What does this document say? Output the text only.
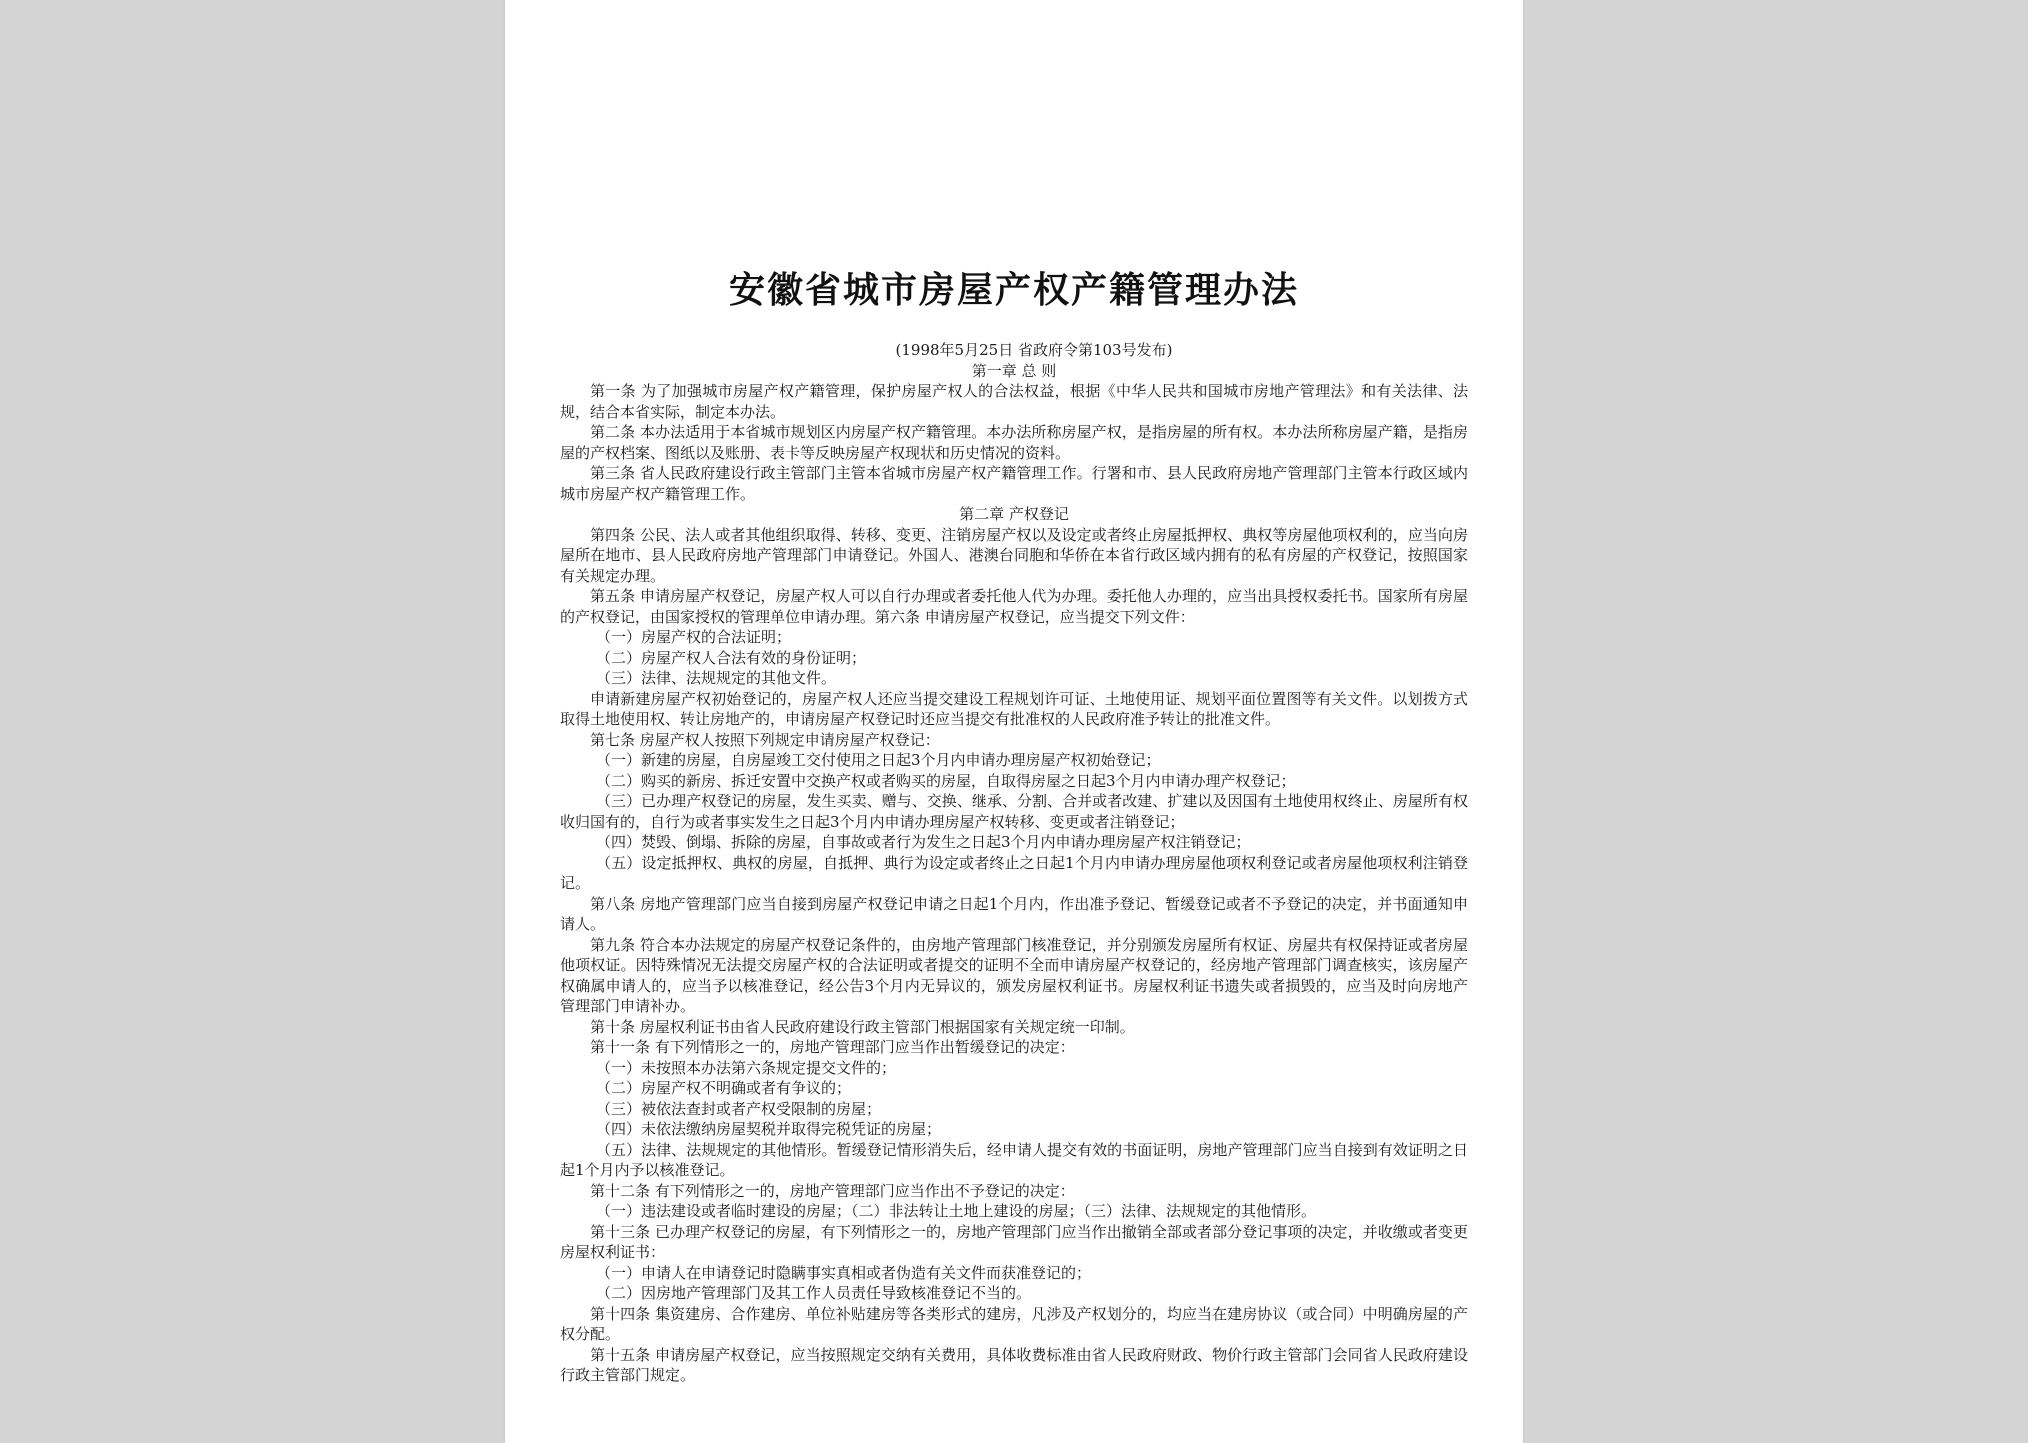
安徽省城市房屋产权产籍管理办法

(1998年5月25日 省政府令第103号发布)

第一章 总 则

第一条 为了加强城市房屋产权产籍管理，保护房屋产权人的合法权益，根据《中华人民共和国城市房地产管理法》和有关法律、法规，结合本省实际，制定本办法。

第二条 本办法适用于本省城市规划区内房屋产权产籍管理。本办法所称房屋产权，是指房屋的所有权。本办法所称房屋产籍，是指房屋的产权档案、图纸以及账册、表卡等反映房屋产权现状和历史情况的资料。

第三条 省人民政府建设行政主管部门主管本省城市房屋产权产籍管理工作。行署和市、县人民政府房地产管理部门主管本行政区域内城市房屋产权产籍管理工作。

第二章 产权登记

第四条 公民、法人或者其他组织取得、转移、变更、注销房屋产权以及设定或者终止房屋抵押权、典权等房屋他项权利的，应当向房屋所在地市、县人民政府房地产管理部门申请登记。外国人、港澳台同胞和华侨在本省行政区域内拥有的私有房屋的产权登记，按照国家有关规定办理。

第五条 申请房屋产权登记，房屋产权人可以自行办理或者委托他人代为办理。委托他人办理的，应当出具授权委托书。国家所有房屋的产权登记，由国家授权的管理单位申请办理。第六条 申请房屋产权登记，应当提交下列文件：

（一）房屋产权的合法证明；

（二）房屋产权人合法有效的身份证明；

（三）法律、法规规定的其他文件。

申请新建房屋产权初始登记的，房屋产权人还应当提交建设工程规划许可证、土地使用证、规划平面位置图等有关文件。以划拨方式取得土地使用权、转让房地产的，申请房屋产权登记时还应当提交有批准权的人民政府准予转让的批准文件。

第七条 房屋产权人按照下列规定申请房屋产权登记：

（一）新建的房屋，自房屋竣工交付使用之日起3个月内申请办理房屋产权初始登记；

（二）购买的新房、拆迁安置中交换产权或者购买的房屋，自取得房屋之日起3个月内申请办理产权登记；

（三）已办理产权登记的房屋，发生买卖、赠与、交换、继承、分割、合并或者改建、扩建以及因国有土地使用权终止、房屋所有权收归国有的，自行为或者事实发生之日起3个月内申请办理房屋产权转移、变更或者注销登记；

（四）焚毁、倒塌、拆除的房屋，自事故或者行为发生之日起3个月内申请办理房屋产权注销登记；

（五）设定抵押权、典权的房屋，自抵押、典行为设定或者终止之日起1个月内申请办理房屋他项权利登记或者房屋他项权利注销登记。

第八条 房地产管理部门应当自接到房屋产权登记申请之日起1个月内，作出准予登记、暂缓登记或者不予登记的决定，并书面通知申请人。

第九条 符合本办法规定的房屋产权登记条件的，由房地产管理部门核准登记，并分别颁发房屋所有权证、房屋共有权保持证或者房屋他项权证。因特殊情况无法提交房屋产权的合法证明或者提交的证明不全而申请房屋产权登记的，经房地产管理部门调查核实，该房屋产权确属申请人的，应当予以核准登记，经公告3个月内无异议的，颁发房屋权利证书。房屋权利证书遗失或者损毁的，应当及时向房地产管理部门申请补办。

第十条 房屋权利证书由省人民政府建设行政主管部门根据国家有关规定统一印制。

第十一条 有下列情形之一的，房地产管理部门应当作出暂缓登记的决定：

（一）未按照本办法第六条规定提交文件的；

（二）房屋产权不明确或者有争议的；

（三）被依法查封或者产权受限制的房屋；

（四）未依法缴纳房屋契税并取得完税凭证的房屋；

（五）法律、法规规定的其他情形。暂缓登记情形消失后，经申请人提交有效的书面证明，房地产管理部门应当自接到有效证明之日起1个月内予以核准登记。

第十二条 有下列情形之一的，房地产管理部门应当作出不予登记的决定：

（一）违法建设或者临时建设的房屋；（二）非法转让土地上建设的房屋；（三）法律、法规规定的其他情形。

第十三条 已办理产权登记的房屋，有下列情形之一的，房地产管理部门应当作出撤销全部或者部分登记事项的决定，并收缴或者变更房屋权利证书：

（一）申请人在申请登记时隐瞒事实真相或者伪造有关文件而获准登记的；

（二）因房地产管理部门及其工作人员责任导致核准登记不当的。

第十四条 集资建房、合作建房、单位补贴建房等各类形式的建房，凡涉及产权划分的，均应当在建房协议（或合同）中明确房屋的产权分配。

第十五条 申请房屋产权登记，应当按照规定交纳有关费用，具体收费标准由省人民政府财政、物价行政主管部门会同省人民政府建设行政主管部门规定。
